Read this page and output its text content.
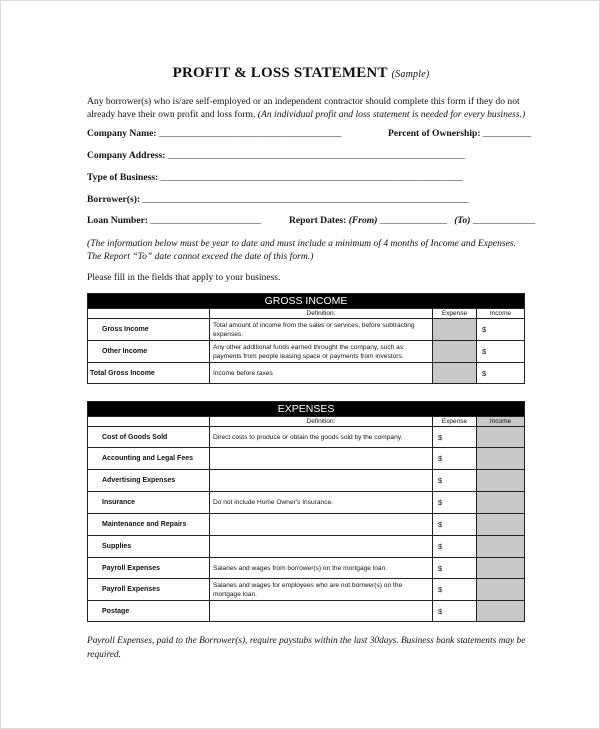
PROFIT & LOSS STATEMENT (Sample)
Any borrower(s) who is/are self-employed or an independent contractor should complete this form if they do not already have their own profit and loss form. (An individual profit and loss statement is needed for every business.)
Company Name: ______________________________________	Percent of Ownership: __________
Company Address: ______________________________________________________________
Type of Business: _______________________________________________________________
Borrower(s): ____________________________________________________________________
Loan Number: _______________________	Report Dates: (From) ______________ (To) _____________
(The information below must be year to date and must include a minimum of 4 months of Income and Expenses. The Report “To” date cannot exceed the date of this form.)
Please fill in the fields that apply to your business.
GROSS INCOME			
	Definition:	Expense	Income
Gross Income	Total amount of income from the sales or services, before subtracting expenses.		$
Other Income	Any other additional funds earned throught the company, such as: payments from people leasing space or payments from investors.		$
Total Gross Income	Income before taxes		$
EXPENSES			
	Definition:	Expense	Income
Cost of Goods Sold	Direct costs to produce or obtain the goods sold by the company.	$	
Accounting and Legal Fees		$	
Advertising Expenses		$	
Insurance	Do not include Home Owner's Insurance.	$	
Maintenance and Repairs		$	
Supplies		$	
Payroll Expenses	Salaries and wages from borrower(s) on the mortgage loan.	$	
Payroll Expenses	Salaries and wages for employees who are not borrwer(s) on the mortgage loan.	$	
Postage		$	
Payroll Expenses, paid to the Borrower(s), require paystubs within the last 30days. Business bank statements may be required.
